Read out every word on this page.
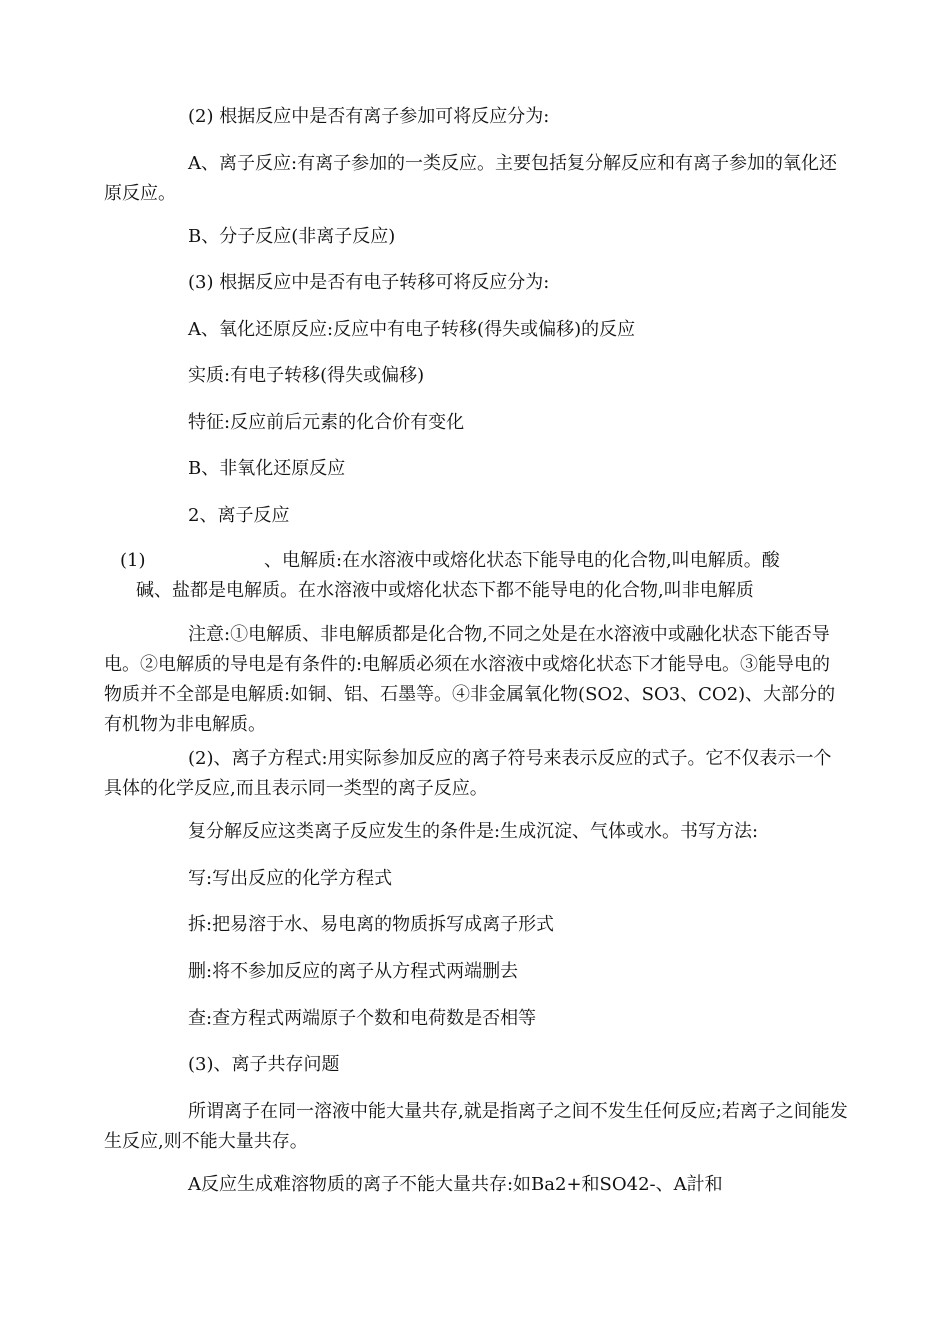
(2) 根据反应中是否有离子参加可将反应分为:

A、离子反应:有离子参加的一类反应。主要包括复分解反应和有离子参加的氧化还原反应。

B、分子反应(非离子反应)

(3) 根据反应中是否有电子转移可将反应分为:

A、氧化还原反应:反应中有电子转移(得失或偏移)的反应

实质:有电子转移(得失或偏移)

特征:反应前后元素的化合价有变化

B、非氧化还原反应

2、离子反应

(1)	、电解质:在水溶液中或熔化状态下能导电的化合物,叫电解质。酸
碱、盐都是电解质。在水溶液中或熔化状态下都不能导电的化合物,叫非电解质

注意:①电解质、非电解质都是化合物,不同之处是在水溶液中或融化状态下能否导电。②电解质的导电是有条件的:电解质必须在水溶液中或熔化状态下才能导电。③能导电的物质并不全部是电解质:如铜、铝、石墨等。④非金属氧化物(SO2、SO3、CO2)、大部分的有机物为非电解质。

(2)、离子方程式:用实际参加反应的离子符号来表示反应的式子。它不仅表示一个具体的化学反应,而且表示同一类型的离子反应。

复分解反应这类离子反应发生的条件是:生成沉淀、气体或水。书写方法:

写:写出反应的化学方程式

拆:把易溶于水、易电离的物质拆写成离子形式

删:将不参加反应的离子从方程式两端删去

查:查方程式两端原子个数和电荷数是否相等

(3)、离子共存问题

所谓离子在同一溶液中能大量共存,就是指离子之间不发生任何反应;若离子之间能发生反应,则不能大量共存。

A反应生成难溶物质的离子不能大量共存:如Ba2+和SO42-、A計和
